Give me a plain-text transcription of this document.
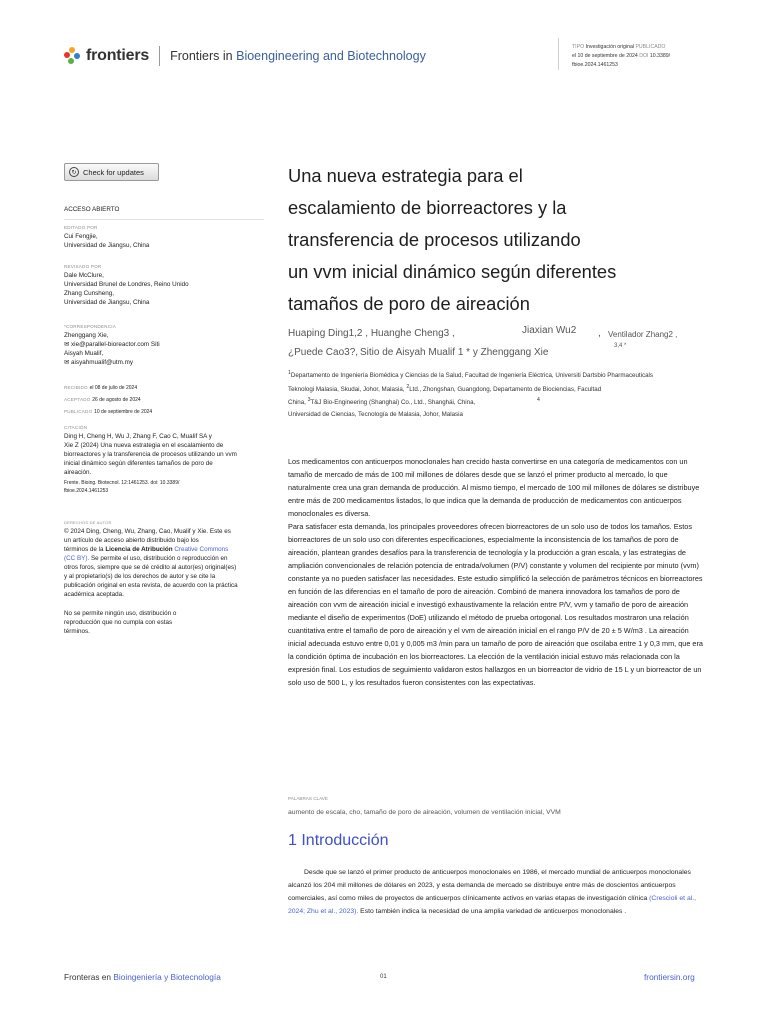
frontiers Frontiers in Bioengineering and Biotechnology
TIPO Investigación original PUBLICADO
el 10 de septiembre de 2024 DOI 10.3389/
fbioe.2024.1461253
↻ Check for updates
ACCESO ABIERTO
EDITADO POR
Cui Fengjie,
Universidad de Jiangsu, China
REVISADO POR
Dale McClure,
Universidad Brunel de Londres, Reino Unido
Zhang Cunsheng,
Universidad de Jiangsu, China
*CORRESPONDENCIA
Zhenggang Xie,
✉ xie@parallel-bioreactor.com Siti
Aisyah Mualif,
✉ aisyahmualif@utm.my
RECIBIDO el 08 de julio de 2024
ACEPTADO 26 de agosto de 2024
PUBLICADO 10 de septiembre de 2024
CITACIÓN
Ding H, Cheng H, Wu J, Zhang F, Cao C, Mualif SA y
Xie Z (2024) Una nueva estrategia en el escalamiento de
biorreactores y la transferencia de procesos utilizando un vvm
inicial dinámico según diferentes tamaños de poro de
aireación.
Frente. Bioing. Biotecnol. 12:1461253. doi: 10.3389/
fbioe.2024.1461253
DERECHOS DE AUTOR
© 2024 Ding, Cheng, Wu, Zhang, Cao, Mualif y Xie. Este es
un artículo de acceso abierto distribuido bajo los
términos de la Licencia de Atribución Creative Commons
(CC BY). Se permite el uso, distribución o reproducción en
otros foros, siempre que se dé crédito al autor(es) original(es)
y al propietario(s) de los derechos de autor y se cite la
publicación original en esta revista, de acuerdo con la práctica
académica aceptada.
No se permite ningún uso, distribución o
reproducción que no cumpla con estas
términos.
Una nueva estrategia para el
escalamiento de biorreactores y la
transferencia de procesos utilizando
un vvm inicial dinámico según diferentes
tamaños de poro de aireación
Huaping Ding1,2 , Huanghe Cheng3 ,	Jiaxian Wu2 , Ventilador Zhang2 ,
¿Puede Cao3?, Sitio de Aisyah Mualif 1 * y Zhenggang Xie
3,4 *
$^1$Departamento de Ingeniería Biomédica y Ciencias de la Salud, Facultad de Ingeniería Eléctrica, Universiti Dartsbio Pharmaceuticals
Teknologi Malasia, Skudai, Johor, Malasia, $^2$Ltd., Zhongshan, Guangdong, Departamento de Biociencias, Facultad
China, $^3$T&J Bio-Engineering (Shanghai) Co., Ltd., Shanghái, China,	$^4$
Universidad de Ciencias, Tecnología de Malasia, Johor, Malasia

Los medicamentos con anticuerpos monoclonales han crecido hasta convertirse en una categoría de medicamentos con un tamaño de mercado de más de 100 mil millones de dólares desde que se lanzó el primer producto al mercado, lo que naturalmente crea una gran demanda de producción. Al mismo tiempo, el mercado de 100 mil millones de dólares se distribuye entre más de 200 medicamentos listados, lo que indica que la demanda de producción de medicamentos con anticuerpos monoclonales es diversa.

Para satisfacer esta demanda, los principales proveedores ofrecen biorreactores de un solo uso de todos los tamaños. Estos biorreactores de un solo uso con diferentes especificaciones, especialmente la inconsistencia de los tamaños de poro de aireación, plantean grandes desafíos para la transferencia de tecnología y la producción a gran escala, y las estrategias de ampliación convencionales de relación potencia de entrada/volumen (P/V) constante y volumen del recipiente por minuto (vvm) constante ya no pueden satisfacer las necesidades. Este estudio simplificó la selección de parámetros técnicos en biorreactores en función de las diferencias en el tamaño de poro de aireación. Combinó de manera innovadora los tamaños de poro de aireación con vvm de aireación inicial e investigó exhaustivamente la relación entre P/V, vvm y tamaño de poro de aireación mediante el diseño de experimentos (DoE) utilizando el método de prueba ortogonal. Los resultados mostraron una relación cuantitativa entre el tamaño de poro de aireación y el vvm de aireación inicial en el rango P/V de 20 ± 5 W/m3 . La aireación inicial adecuada estuvo entre 0,01 y 0,005 m3 /min para un tamaño de poro de aireación que oscilaba entre 1 y 0,3 mm, que era la condición óptima de incubación en los biorreactores. La elección de la ventilación inicial estuvo más relacionada con la expresión final. Los estudios de seguimiento validaron estos hallazgos en un biorreactor de vidrio de 15 L y un biorreactor de un solo uso de 500 L, y los resultados fueron consistentes con las expectativas.

PALABRAS CLAVE
aumento de escala, cho, tamaño de poro de aireación, volumen de ventilación inicial, VVM
1 Introducción
Desde que se lanzó el primer producto de anticuerpos monoclonales en 1986, el mercado mundial de anticuerpos monoclonales alcanzó los 204 mil millones de dólares en 2023, y esta demanda de mercado se distribuye entre más de doscientos anticuerpos comerciales, así como miles de proyectos de anticuerpos clínicamente activos en varias etapas de investigación clínica (Crescioli et al., 2024; Zhu et al., 2023). Esto también indica la necesidad de una amplia variedad de anticuerpos monoclonales .
Fronteras en Bioingeniería y Biotecnología	01	frontiersin.org
